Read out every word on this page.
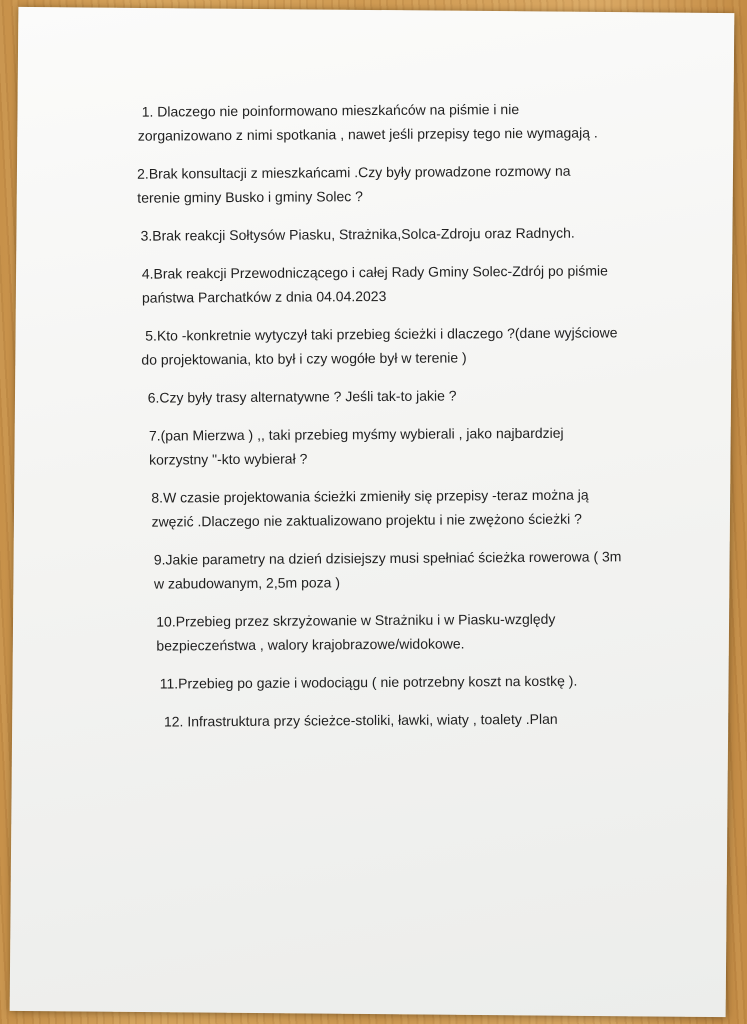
1. Dlaczego nie poinformowano mieszkańców na piśmie i nie
zorganizowano z nimi spotkania , nawet jeśli przepisy tego nie wymagają .
2.Brak konsultacji z mieszkańcami .Czy były prowadzone rozmowy na
terenie gminy Busko i gminy Solec ?
3.Brak reakcji Sołtysów Piasku, Strażnika,Solca-Zdroju oraz Radnych.
4.Brak reakcji Przewodniczącego i całej Rady Gminy Solec-Zdrój po piśmie
państwa Parchatków z dnia 04.04.2023
5.Kto -konkretnie wytyczył taki przebieg ścieżki i dlaczego ?(dane wyjściowe
do projektowania, kto był i czy wogółe był w terenie )
6.Czy były trasy alternatywne ? Jeśli tak-to jakie ?
7.(pan Mierzwa ) ,, taki przebieg myśmy wybierali , jako najbardziej
korzystny "-kto wybierał ?
8.W czasie projektowania ścieżki zmieniły się przepisy -teraz można ją
zwęzić .Dlaczego nie zaktualizowano projektu i nie zwężono ścieżki ?
9.Jakie parametry na dzień dzisiejszy musi spełniać ścieżka rowerowa ( 3m
w zabudowanym, 2,5m poza )
10.Przebieg przez skrzyżowanie w Strażniku i w Piasku-względy
bezpieczeństwa , walory krajobrazowe/widokowe.
11.Przebieg po gazie i wodociągu ( nie potrzebny koszt na kostkę ).
12. Infrastruktura przy ścieżce-stoliki, ławki, wiaty , toalety .Plan
